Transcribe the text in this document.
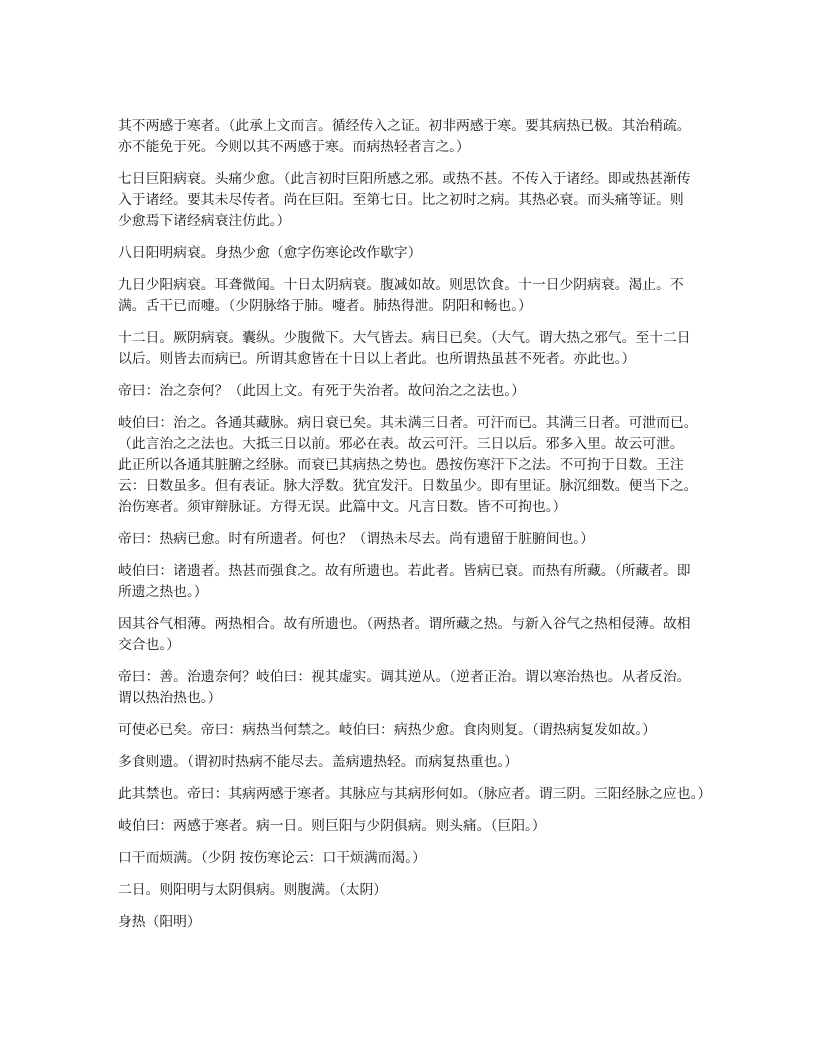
其不两感于寒者。（此承上文而言。循经传入之证。初非两感于寒。要其病热已极。其治稍疏。
亦不能免于死。今则以其不两感于寒。而病热轻者言之。）
七日巨阳病衰。头痛少愈。（此言初时巨阳所感之邪。或热不甚。不传入于诸经。即或热甚渐传
入于诸经。要其未尽传者。尚在巨阳。至第七日。比之初时之病。其热必衰。而头痛等证。则
少愈焉下诸经病衰注仿此。）
八日阳明病衰。身热少愈（愈字伤寒论改作歇字）
九日少阳病衰。耳聋微闻。十日太阴病衰。腹减如故。则思饮食。十一日少阴病衰。渴止。不
满。舌干已而嚏。（少阴脉络于肺。嚏者。肺热得泄。阴阳和畅也。）
十二日。厥阴病衰。囊纵。少腹微下。大气皆去。病日已矣。（大气。谓大热之邪气。至十二日
以后。则皆去而病已。所谓其愈皆在十日以上者此。也所谓热虽甚不死者。亦此也。）
帝曰：治之奈何？（此因上文。有死于失治者。故问治之之法也。）
岐伯曰：治之。各通其藏脉。病日衰已矣。其未满三日者。可汗而已。其满三日者。可泄而已。
（此言治之之法也。大抵三日以前。邪必在表。故云可汗。三日以后。邪多入里。故云可泄。
此正所以各通其脏腑之经脉。而衰已其病热之势也。愚按伤寒汗下之法。不可拘于日数。王注
云：日数虽多。但有表证。脉大浮数。犹宜发汗。日数虽少。即有里证。脉沉细数。便当下之。
治伤寒者。须审辩脉证。方得无误。此篇中文。凡言日数。皆不可拘也。）
帝曰：热病已愈。时有所遗者。何也？（谓热未尽去。尚有遗留于脏腑间也。）
岐伯曰：诸遗者。热甚而强食之。故有所遗也。若此者。皆病已衰。而热有所藏。（所藏者。即
所遗之热也。）
因其谷气相薄。两热相合。故有所遗也。（两热者。谓所藏之热。与新入谷气之热相侵薄。故相
交合也。）
帝曰：善。治遗奈何？岐伯曰：视其虚实。调其逆从。（逆者正治。谓以寒治热也。从者反治。
谓以热治热也。）
可使必已矣。帝曰：病热当何禁之。岐伯曰：病热少愈。食肉则复。（谓热病复发如故。）
多食则遗。（谓初时热病不能尽去。盖病遗热轻。而病复热重也。）
此其禁也。帝曰：其病两感于寒者。其脉应与其病形何如。（脉应者。谓三阴。三阳经脉之应也。）
岐伯曰：两感于寒者。病一日。则巨阳与少阴俱病。则头痛。（巨阳。）
口干而烦满。（少阴 按伤寒论云：口干烦满而渴。）
二日。则阳明与太阴俱病。则腹满。（太阴）
身热（阳明）
